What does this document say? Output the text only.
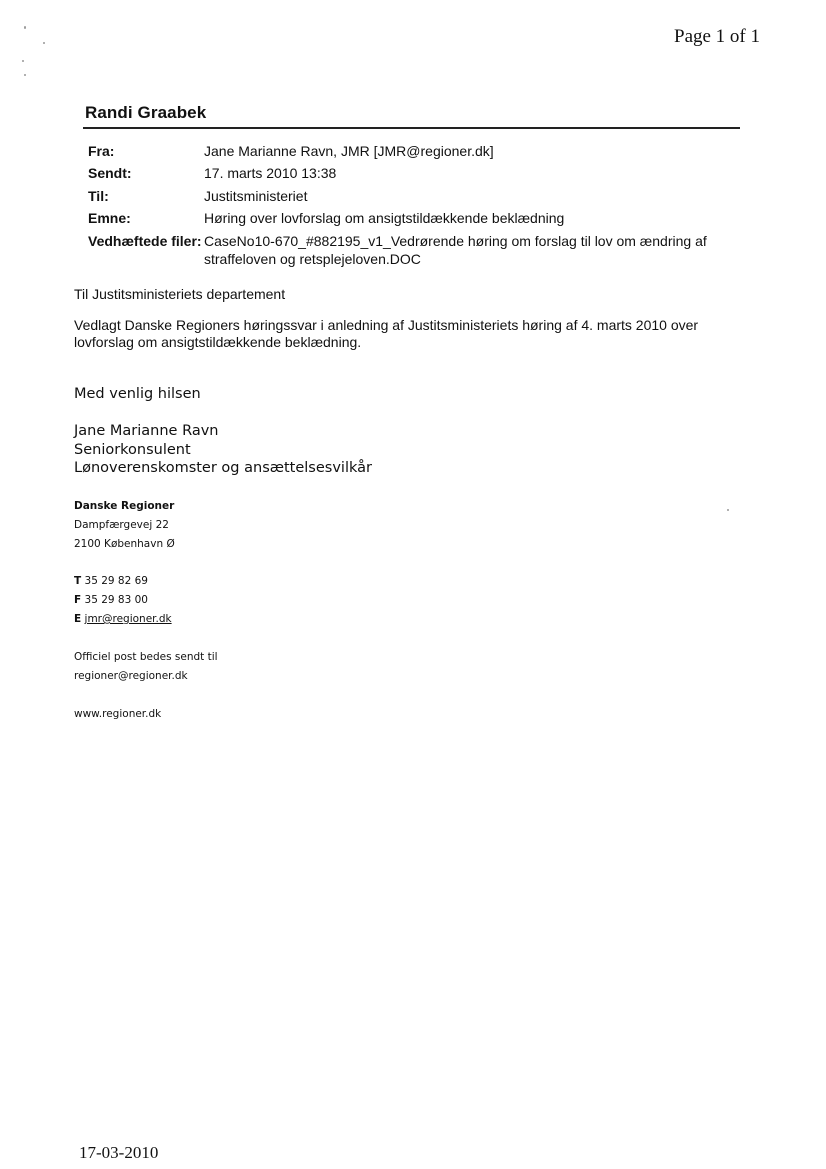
Page 1 of 1
Randi Graabek
Fra:	Jane Marianne Ravn, JMR [JMR@regioner.dk]
Sendt:	17. marts 2010 13:38
Til:	Justitsministeriet
Emne:	Høring over lovforslag om ansigtstildækkende beklædning
Vedhæftede filer: CaseNo10-670_#882195_v1_Vedrørende høring om forslag til lov om ændring af straffeloven og retsplejeloven.DOC
Til Justitsministeriets departement
Vedlagt Danske Regioners høringssvar i anledning af Justitsministeriets høring af 4. marts 2010 over lovforslag om ansigtstildækkende beklædning.
Med venlig hilsen
Jane Marianne Ravn
Seniorkonsulent
Lønoverenskomster og ansættelsesvilkår
Danske Regioner
Dampfærgevej 22
2100 København Ø
T 35 29 82 69
F 35 29 83 00
E jmr@regioner.dk
Officiel post bedes sendt til
regioner@regioner.dk
www.regioner.dk
17-03-2010
